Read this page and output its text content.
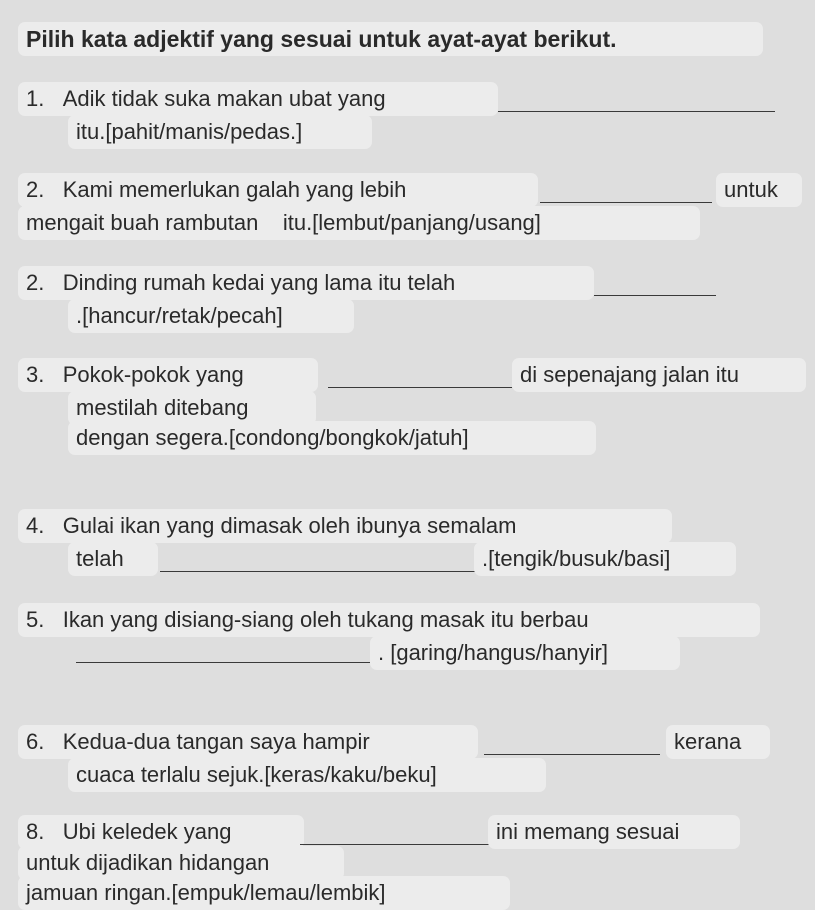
Pilih kata adjektif yang sesuai untuk ayat-ayat berikut.
1. Adik tidak suka makan ubat yang
itu.[pahit/manis/pedas.]
2. Kami memerlukan galah yang lebih	untuk
mengait buah rambutan itu.[lembut/panjang/usang]
2. Dinding rumah kedai yang lama itu telah
.[hancur/retak/pecah]
3. Pokok-pokok yang	di sepenajang jalan itu
mestilah ditebang
dengan segera.[condong/bongkok/jatuh]
4. Gulai ikan yang dimasak oleh ibunya semalam
telah	.[tengik/busuk/basi]
5. Ikan yang disiang-siang oleh tukang masak itu berbau
. [garing/hangus/hanyir]
6. Kedua-dua tangan saya hampir	kerana
cuaca terlalu sejuk.[keras/kaku/beku]
8. Ubi keledek yang	ini memang sesuai
untuk dijadikan hidangan
jamuan ringan.[empuk/lemau/lembik]
